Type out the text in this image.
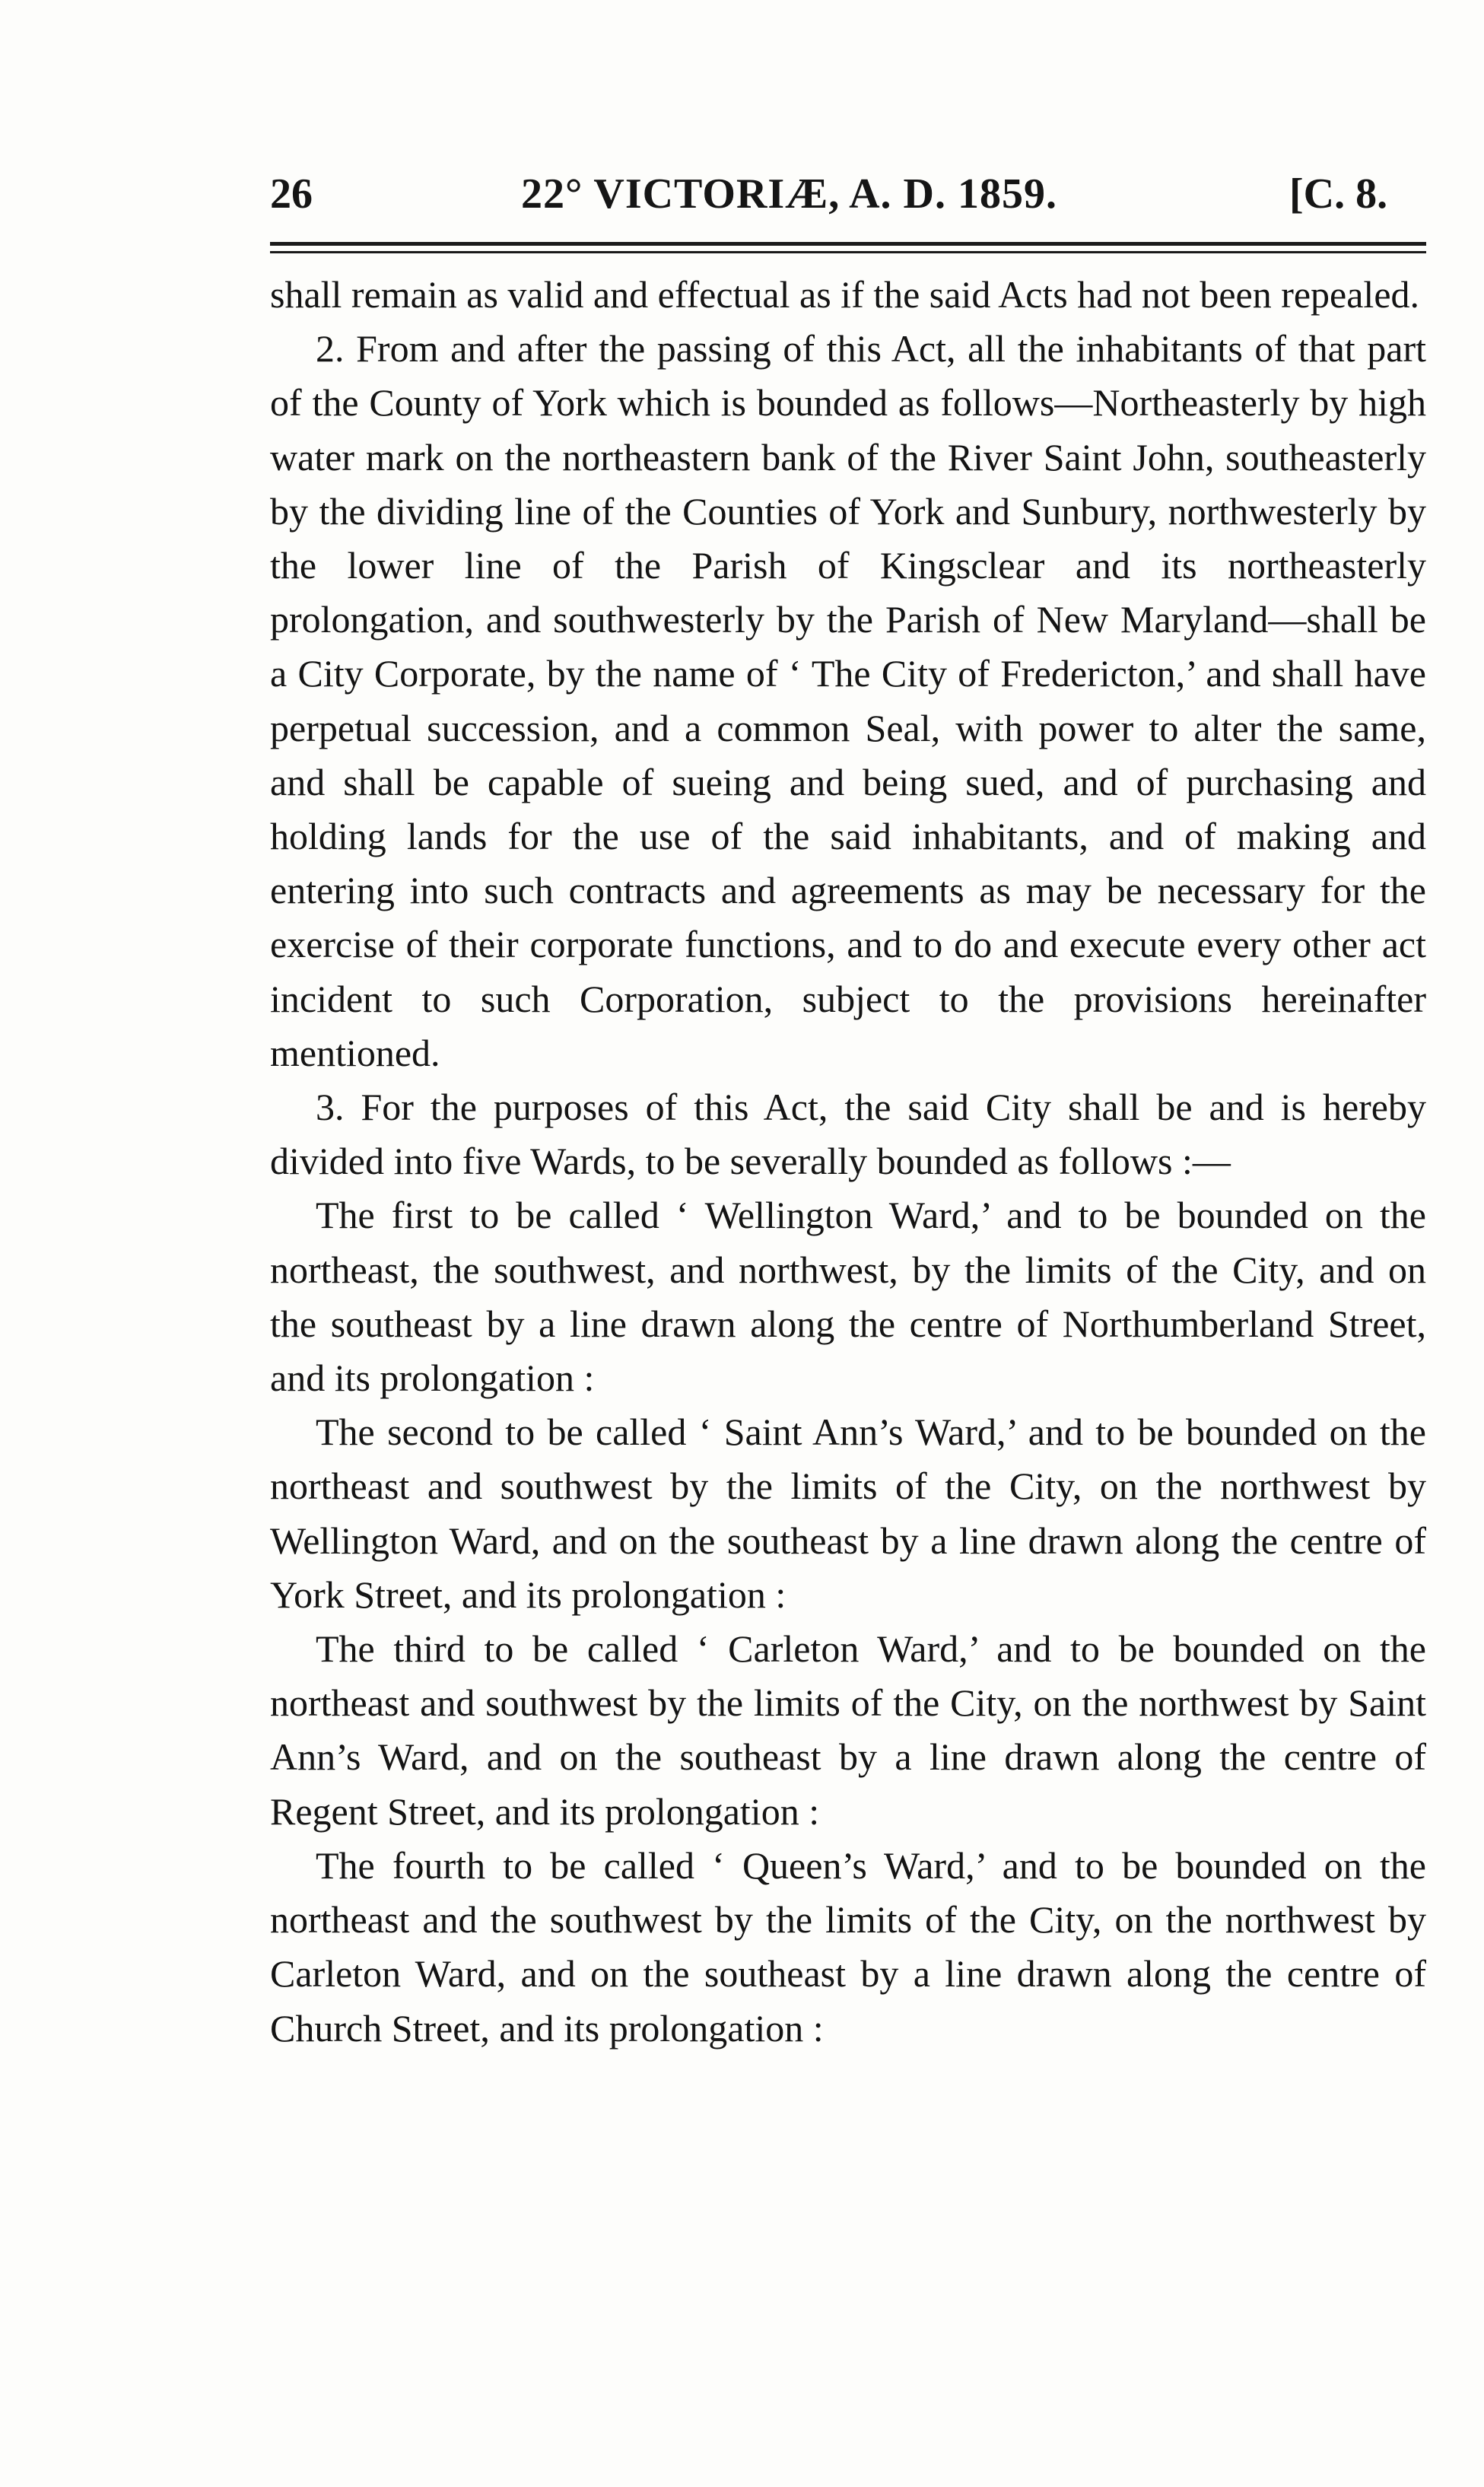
26	22° VICTORIÆ, A. D. 1859.	[C. 8.

shall remain as valid and effectual as if the said Acts had not been repealed.

2. From and after the passing of this Act, all the inhabitants of that part of the County of York which is bounded as follows—Northeasterly by high water mark on the northeastern bank of the River Saint John, southeasterly by the dividing line of the Counties of York and Sunbury, northwesterly by the lower line of the Parish of Kingsclear and its northeasterly prolongation, and southwesterly by the Parish of New Maryland—shall be a City Corporate, by the name of ‘ The City of Fredericton,’ and shall have perpetual succession, and a common Seal, with power to alter the same, and shall be capable of sueing and being sued, and of purchasing and holding lands for the use of the said inhabitants, and of making and entering into such contracts and agreements as may be necessary for the exercise of their corporate functions, and to do and execute every other act incident to such Corporation, subject to the provisions hereinafter mentioned.

3. For the purposes of this Act, the said City shall be and is hereby divided into five Wards, to be severally bounded as follows :—

The first to be called ‘ Wellington Ward,’ and to be bounded on the northeast, the southwest, and northwest, by the limits of the City, and on the southeast by a line drawn along the centre of Northumberland Street, and its prolongation :

The second to be called ‘ Saint Ann’s Ward,’ and to be bounded on the northeast and southwest by the limits of the City, on the northwest by Wellington Ward, and on the southeast by a line drawn along the centre of York Street, and its prolongation :

The third to be called ‘ Carleton Ward,’ and to be bounded on the northeast and southwest by the limits of the City, on the northwest by Saint Ann’s Ward, and on the southeast by a line drawn along the centre of Regent Street, and its prolongation :

The fourth to be called ‘ Queen’s Ward,’ and to be bounded on the northeast and the southwest by the limits of the City, on the northwest by Carleton Ward, and on the southeast by a line drawn along the centre of Church Street, and its prolongation :
